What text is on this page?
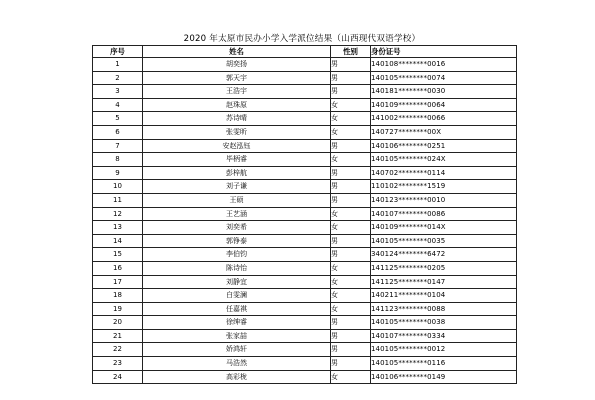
2020 年太原市民办小学入学派位结果（山西现代双语学校）
序号	姓名	性别	身份证号
1	胡奕扬	男	140108********0016
2	郭天宇	男	140105********0074
3	王浩宇	男	140181********0030
4	赵珠原	女	140109********0064
5	苏诗晴	女	141002********0066
6	张雯昕	女	140727********00X
7	安赵泓钰	男	140106********0251
8	毕柄睿	女	140105********024X
9	彭梓航	男	140702********0114
10	刘子谦	男	110102********1519
11	王硕	男	140123********0010
12	王艺涵	女	140107********0086
13	刘奕希	女	140109********014X
14	郭铮泰	男	140105********0035
15	李伯钧	男	340124********6472
16	陈诗怡	女	141125********0205
17	刘静宜	女	141125********0147
18	白雯澜	女	140211********0104
19	任嘉祺	女	141123********0088
20	徐绅睿	男	140105********0038
21	张家喆	男	140107********0334
22	娇鸿轩	男	140105********0012
23	马浩然	男	140105********0116
24	高彩栊	女	140106********0149
